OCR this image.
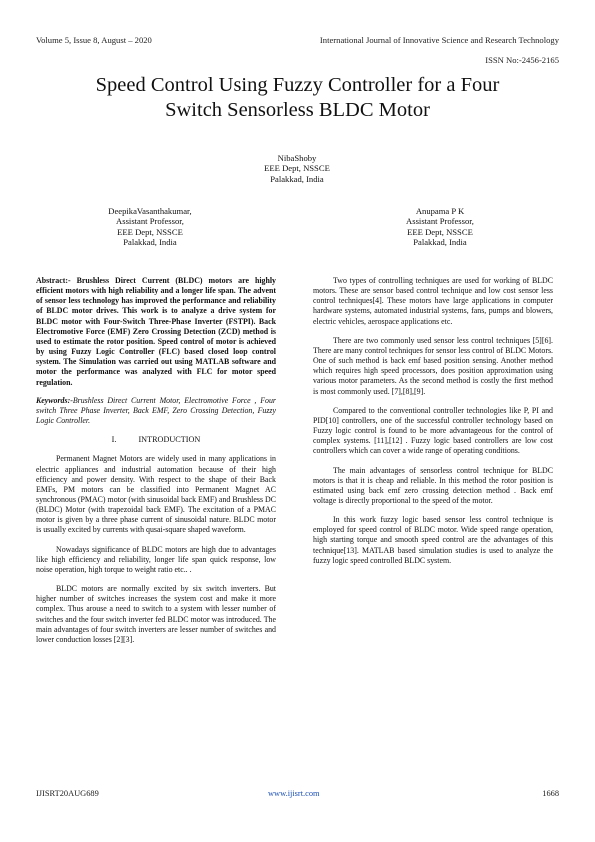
Volume 5, Issue 8, August – 2020	International Journal of Innovative Science and Research Technology
ISSN No:-2456-2165
Speed Control Using Fuzzy Controller for a Four
Switch Sensorless BLDC Motor
NibaShoby
EEE Dept, NSSCE
Palakkad, India
DeepikaVasanthakumar,
Assistant Professor,
EEE Dept, NSSCE
Palakkad, India
Anupama P K
Assistant Professor,
EEE Dept, NSSCE
Palakkad, India

Abstract:- Brushless Direct Current (BLDC) motors are highly efficient motors with high reliability and a longer life span. The advent of sensor less technology has improved the performance and reliability of BLDC motor drives. This work is to analyze a drive system for BLDC motor with Four-Switch Three-Phase Inverter (FSTPI). Back Electromotive Force (EMF) Zero Crossing Detection (ZCD) method is used to estimate the rotor position. Speed control of motor is achieved by using Fuzzy Logic Controller (FLC) based closed loop control system. The Simulation was carried out using MATLAB software and motor the performance was analyzed with FLC for motor speed regulation.

Keywords:-Brushless Direct Current Motor, Electromotive Force , Four switch Three Phase Inverter, Back EMF, Zero Crossing Detection, Fuzzy Logic Controller.

I.	INTRODUCTION

Permanent Magnet Motors are widely used in many applications in electric appliances and industrial automation because of their high efficiency and power density. With respect to the shape of their Back EMFs, PM motors can be classified into Permanent Magnet AC synchronous (PMAC) motor (with sinusoidal back EMF) and Brushless DC (BLDC) Motor (with trapezoidal back EMF). The excitation of a PMAC motor is given by a three phase current of sinusoidal nature. BLDC motor is usually excited by currents with qusai-square shaped waveform.

Nowadays significance of BLDC motors are high due to advantages like high efficiency and reliability, longer life span quick response, low noise operation, high torque to weight ratio etc.. .

BLDC motors are normally excited by six switch inverters. But higher number of switches increases the system cost and make it more complex. Thus arouse a need to switch to a system with lesser number of switches and the four switch inverter fed BLDC motor was introduced. The main advantages of four switch inverters are lesser number of switches and lower conduction losses [2][3].

Two types of controlling techniques are used for working of BLDC motors. These are sensor based control technique and low cost sensor less control techniques[4]. These motors have large applications in computer hardware systems, automated industrial systems, fans, pumps and blowers, electric vehicles, aerospace applications etc.

There are two commonly used sensor less control techniques [5][6]. There are many control techniques for sensor less control of BLDC Motors. One of such method is back emf based position sensing. Another method which requires high speed processors, does position approximation using various motor parameters. As the second method is costly the first method is most commonly used. [7],[8],[9].

Compared to the conventional controller technologies like P, PI and PID[10] controllers, one of the successful controller technology based on Fuzzy logic control is found to be more advantageous for the control of complex systems. [11],[12] . Fuzzy logic based controllers are low cost controllers which can cover a wide range of operating conditions.

The main advantages of sensorless control technique for BLDC motors is that it is cheap and reliable. In this method the rotor position is estimated using back emf zero crossing detection method . Back emf voltage is directly proportional to the speed of the motor.

In this work fuzzy logic based sensor less control technique is employed for speed control of BLDC motor. Wide speed range operation, high starting torque and smooth speed control are the advantages of this technique[13]. MATLAB based simulation studies is used to analyze the fuzzy logic speed controlled BLDC system.

IJISRT20AUG689	www.ijisrt.com	1668
